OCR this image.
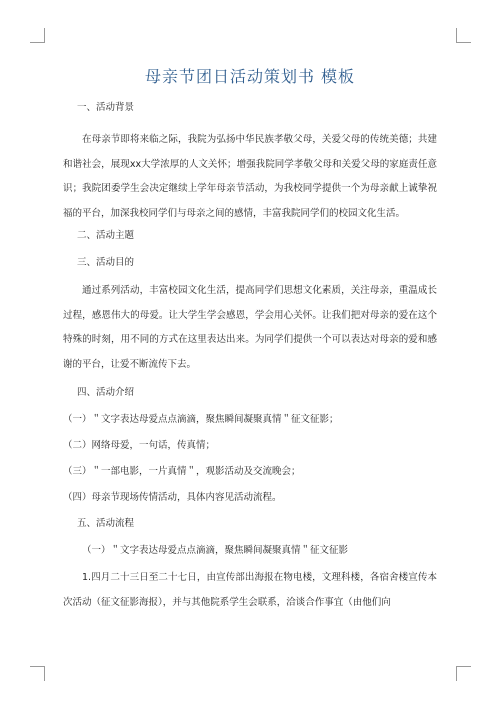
母亲节团日活动策划书 模板
一、活动背景
在母亲节即将来临之际，我院为弘扬中华民族孝敬父母，关爱父母的传统美德；共建和谐社会，展现xx大学浓厚的人文关怀；增强我院同学孝敬父母和关爱父母的家庭责任意识；我院团委学生会决定继续上学年母亲节活动，为我校同学提供一个为母亲献上诚挚祝福的平台，加深我校同学们与母亲之间的感情，丰富我院同学们的校园文化生活。
二、活动主题
三、活动目的
通过系列活动，丰富校园文化生活，提高同学们思想文化素质，关注母亲，重温成长过程，感恩伟大的母爱。让大学生学会感恩，学会用心关怀。让我们把对母亲的爱在这个特殊的时刻，用不同的方式在这里表达出来。为同学们提供一个可以表达对母亲的爱和感谢的平台，让爱不断流传下去。
四、活动介绍
（一）＂文字表达母爱点点滴滴，聚焦瞬间凝聚真情＂征文征影；
（二）网络母爱，一句话，传真情；
（三）＂一部电影，一片真情＂，观影活动及交流晚会；
（四）母亲节现场传情活动，具体内容见活动流程。
五、活动流程
（一）＂文字表达母爱点点滴滴，聚焦瞬间凝聚真情＂征文征影
1.四月二十三日至二十七日，由宣传部出海报在物电楼，文理科楼，各宿舍楼宣传本次活动（征文征影海报），并与其他院系学生会联系，洽谈合作事宜（由他们向
